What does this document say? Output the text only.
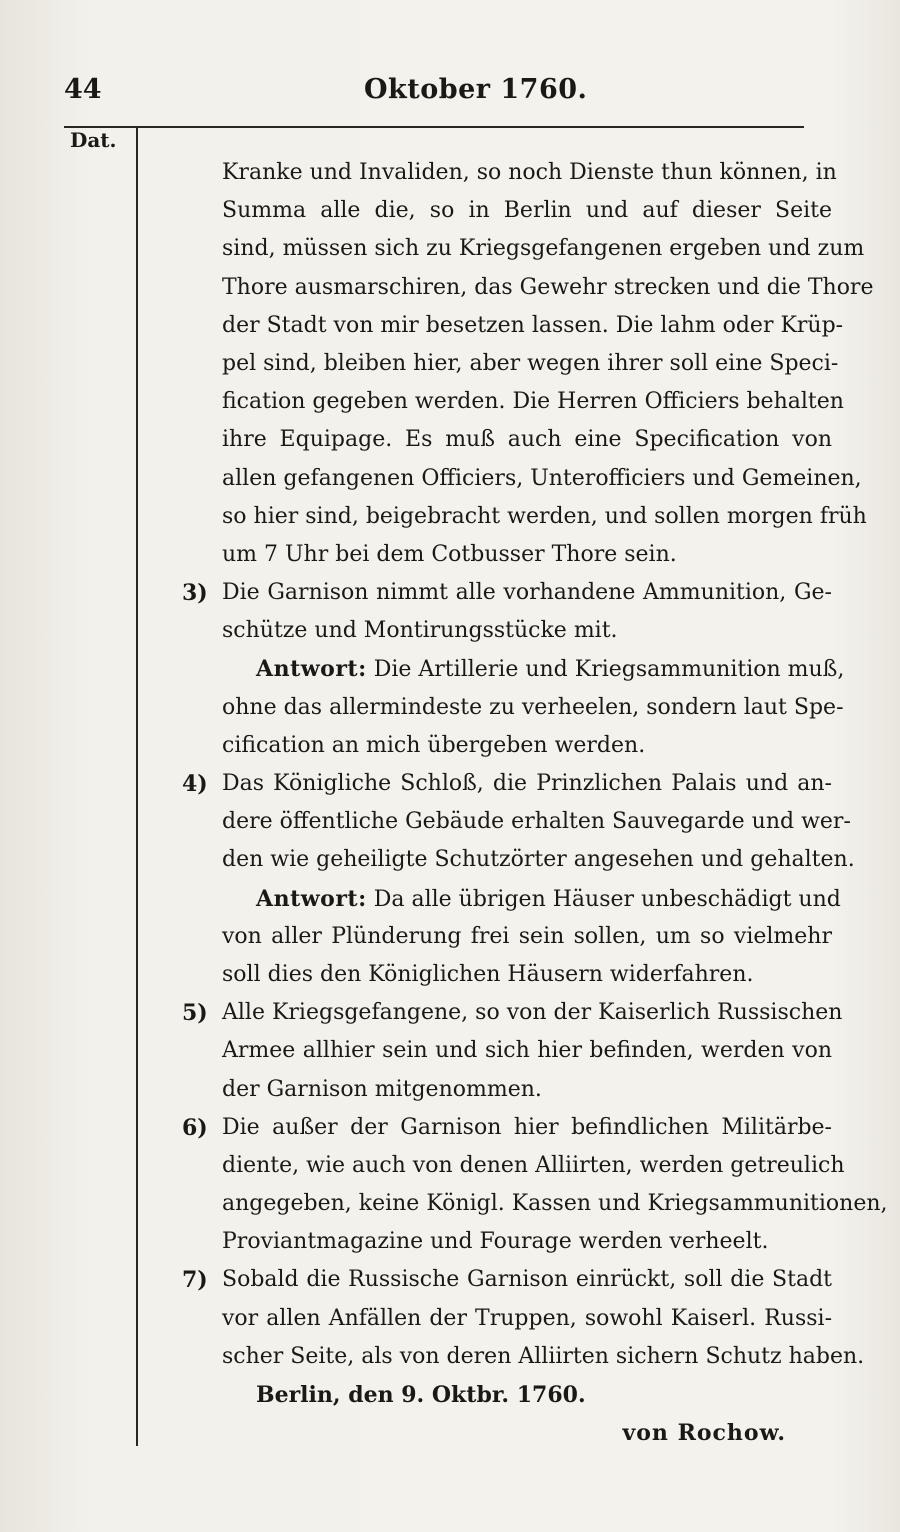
44	Oktober 1760.
Dat.
Kranke und Invaliden, so noch Dienste thun können, in
Summa alle die, so in Berlin und auf dieser Seite
sind, müssen sich zu Kriegsgefangenen ergeben und zum
Thore ausmarschiren, das Gewehr strecken und die Thore
der Stadt von mir besetzen lassen. Die lahm oder Krüp-
pel sind, bleiben hier, aber wegen ihrer soll eine Speci-
fication gegeben werden. Die Herren Officiers behalten
ihre Equipage. Es muß auch eine Specification von
allen gefangenen Officiers, Unterofficiers und Gemeinen,
so hier sind, beigebracht werden, und sollen morgen früh
um 7 Uhr bei dem Cotbusser Thore sein.
3) Die Garnison nimmt alle vorhandene Ammunition, Ge-
schütze und Montirungsstücke mit.
Antwort: Die Artillerie und Kriegsammunition muß,
ohne das allermindeste zu verheelen, sondern laut Spe-
cification an mich übergeben werden.
4) Das Königliche Schloß, die Prinzlichen Palais und an-
dere öffentliche Gebäude erhalten Sauvegarde und wer-
den wie geheiligte Schutzörter angesehen und gehalten.
Antwort: Da alle übrigen Häuser unbeschädigt und
von aller Plünderung frei sein sollen, um so vielmehr
soll dies den Königlichen Häusern widerfahren.
5) Alle Kriegsgefangene, so von der Kaiserlich Russischen
Armee allhier sein und sich hier befinden, werden von
der Garnison mitgenommen.
6) Die außer der Garnison hier befindlichen Militärbe-
diente, wie auch von denen Alliirten, werden getreulich
angegeben, keine Königl. Kassen und Kriegsammunitionen,
Proviantmagazine und Fourage werden verheelt.
7) Sobald die Russische Garnison einrückt, soll die Stadt
vor allen Anfällen der Truppen, sowohl Kaiserl. Russi-
scher Seite, als von deren Alliirten sichern Schutz haben.
Berlin, den 9. Oktbr. 1760.
von Rochow.
